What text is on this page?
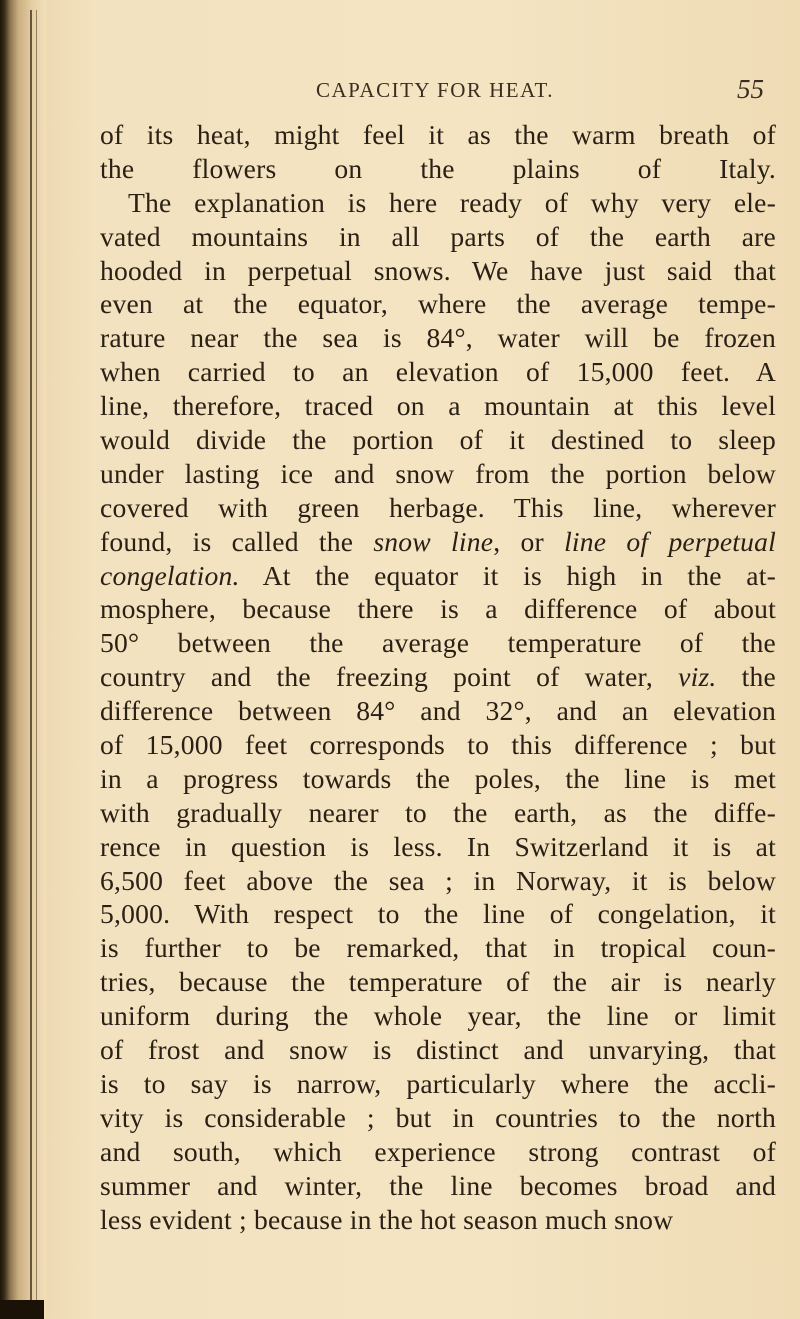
CAPACITY FOR HEAT.	55
of its heat, might feel it as the warm breath of
the flowers on the plains of Italy.
The explanation is here ready of why very ele-
vated mountains in all parts of the earth are
hooded in perpetual snows. We have just said that
even at the equator, where the average tempe-
rature near the sea is 84°, water will be frozen
when carried to an elevation of 15,000 feet. A
line, therefore, traced on a mountain at this level
would divide the portion of it destined to sleep
under lasting ice and snow from the portion below
covered with green herbage. This line, wherever
found, is called the snow line, or line of perpetual
congelation. At the equator it is high in the at-
mosphere, because there is a difference of about
50° between the average temperature of the
country and the freezing point of water, viz. the
difference between 84° and 32°, and an elevation
of 15,000 feet corresponds to this difference ; but
in a progress towards the poles, the line is met
with gradually nearer to the earth, as the diffe-
rence in question is less. In Switzerland it is at
6,500 feet above the sea ; in Norway, it is below
5,000. With respect to the line of congelation, it
is further to be remarked, that in tropical coun-
tries, because the temperature of the air is nearly
uniform during the whole year, the line or limit
of frost and snow is distinct and unvarying, that
is to say is narrow, particularly where the accli-
vity is considerable ; but in countries to the north
and south, which experience strong contrast of
summer and winter, the line becomes broad and
less evident ; because in the hot season much snow
